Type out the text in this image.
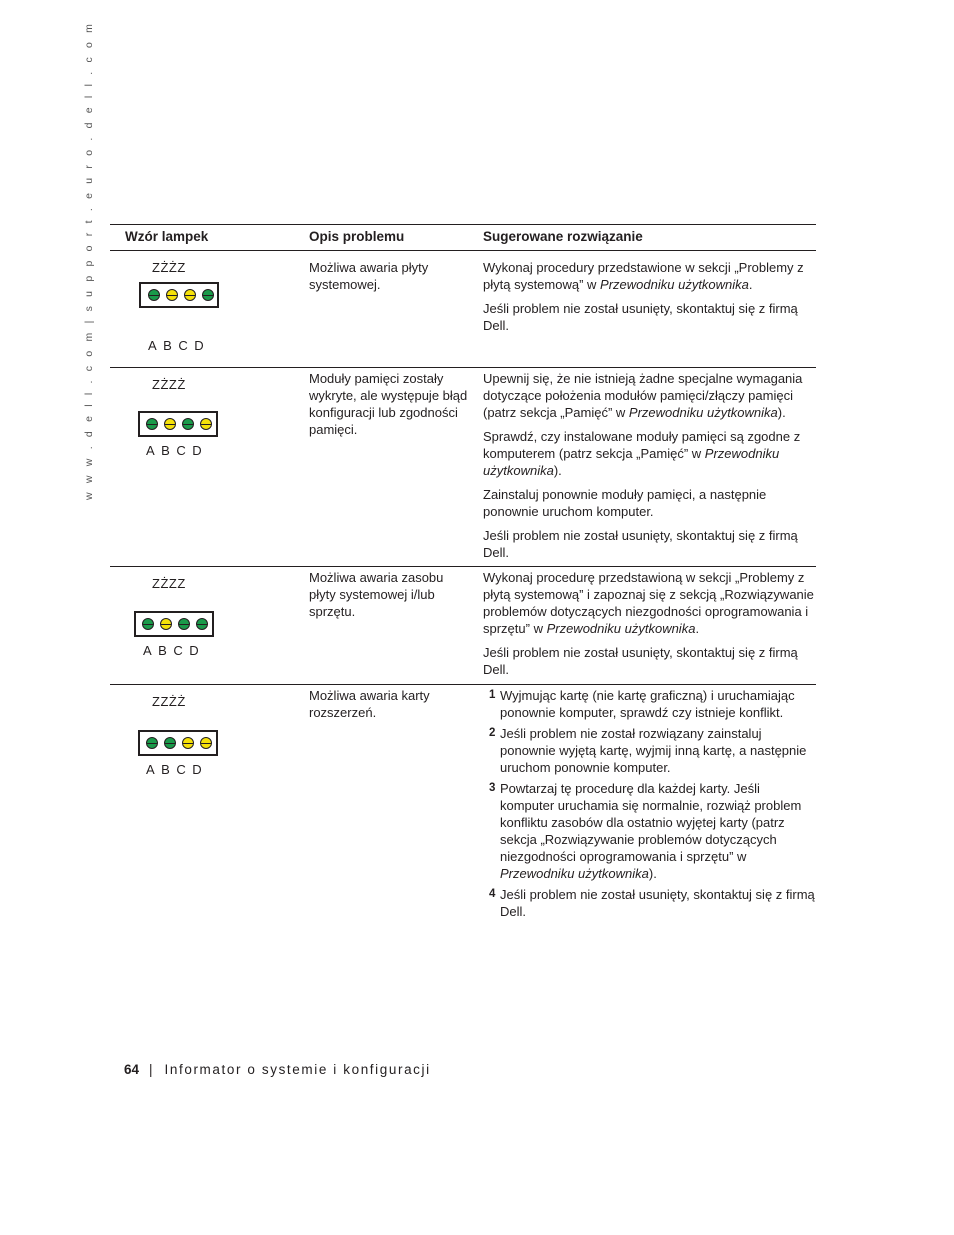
w w w . d e l l . c o m | s u p p o r t . e u r o . d e l l . c o m Wzór lampek	Opis problemu	Sugerowane rozwiązanie
ZŻŻZ
ABCD
Możliwa awaria płyty systemowej.

Wykonaj procedury przedstawione w sekcji „Problemy z płytą systemową” w Przewodniku użytkownika.

Jeśli problem nie został usunięty, skontaktuj się z firmą Dell.

ZŻZŻ
ABCD
Moduły pamięci zostały wykryte, ale występuje błąd konfiguracji lub zgodności pamięci.

Upewnij się, że nie istnieją żadne specjalne wymagania dotyczące położenia modułów pamięci/złączy pamięci (patrz sekcja „Pamięć” w Przewodniku użytkownika).

Sprawdź, czy instalowane moduły pamięci są zgodne z komputerem (patrz sekcja „Pamięć” w Przewodniku użytkownika).

Zainstaluj ponownie moduły pamięci, a następnie ponownie uruchom komputer.

Jeśli problem nie został usunięty, skontaktuj się z firmą Dell.

ZŻZZ
ABCD
Możliwa awaria zasobu płyty systemowej i/lub sprzętu.

Wykonaj procedurę przedstawioną w sekcji „Problemy z płytą systemową” i zapoznaj się z sekcją „Rozwiązywanie problemów dotyczących niezgodności oprogramowania i sprzętu” w Przewodniku użytkownika.

Jeśli problem nie został usunięty, skontaktuj się z firmą Dell.

ZZŻŻ
ABCD
Możliwa awaria karty rozszerzeń.
1 Wyjmując kartę (nie kartę graficzną) i uruchamiając ponownie komputer, sprawdź czy istnieje konflikt.
2 Jeśli problem nie został rozwiązany zainstaluj ponownie wyjętą kartę, wyjmij inną kartę, a następnie uruchom ponownie komputer.
3 Powtarzaj tę procedurę dla każdej karty. Jeśli komputer uruchamia się normalnie, rozwiąż problem konfliktu zasobów dla ostatnio wyjętej karty (patrz sekcja „Rozwiązywanie problemów dotyczących niezgodności oprogramowania i sprzętu” w Przewodniku użytkownika).
4 Jeśli problem nie został usunięty, skontaktuj się z firmą Dell.
64 | Informator o systemie i konfiguracji
